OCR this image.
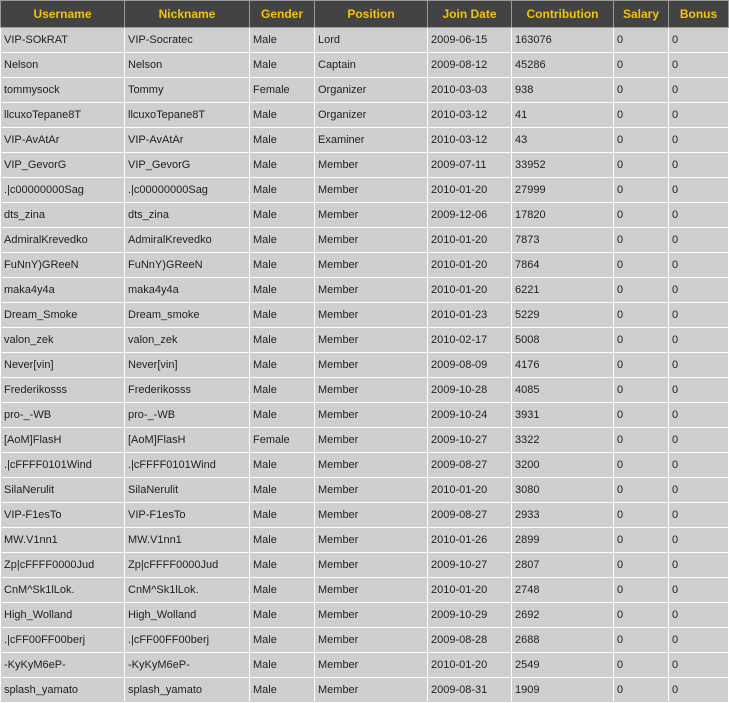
Username	Nickname	Gender	Position	Join Date	Contribution	Salary	Bonus
VIP-SOkRAT	VIP-Socratec	Male	Lord	2009-06-15	163076	0	0
Nelson	Nelson	Male	Captain	2009-08-12	45286	0	0
tommysock	Tommy	Female	Organizer	2010-03-03	938	0	0
llcuxoTepane8T	llcuxoTepane8T	Male	Organizer	2010-03-12	41	0	0
VIP-AvAtAr	VIP-AvAtAr	Male	Examiner	2010-03-12	43	0	0
VIP_GevorG	VIP_GevorG	Male	Member	2009-07-11	33952	0	0
.|c00000000Sag	.|c00000000Sag	Male	Member	2010-01-20	27999	0	0
dts_zina	dts_zina	Male	Member	2009-12-06	17820	0	0
AdmiralKrevedko	AdmiralKrevedko	Male	Member	2010-01-20	7873	0	0
FuNnY)GReeN	FuNnY)GReeN	Male	Member	2010-01-20	7864	0	0
maka4y4a	maka4y4a	Male	Member	2010-01-20	6221	0	0
Dream_Smoke	Dream_smoke	Male	Member	2010-01-23	5229	0	0
valon_zek	valon_zek	Male	Member	2010-02-17	5008	0	0
Never[vin]	Never[vin]	Male	Member	2009-08-09	4176	0	0
Frederikosss	Frederikosss	Male	Member	2009-10-28	4085	0	0
pro-_-WB	pro-_-WB	Male	Member	2009-10-24	3931	0	0
[AoM]FlasH	[AoM]FlasH	Female	Member	2009-10-27	3322	0	0
.|cFFFF0101Wind	.|cFFFF0101Wind	Male	Member	2009-08-27	3200	0	0
SilaNerulit	SilaNerulit	Male	Member	2010-01-20	3080	0	0
VIP-F1esTo	VIP-F1esTo	Male	Member	2009-08-27	2933	0	0
MW.V1nn1	MW.V1nn1	Male	Member	2010-01-26	2899	0	0
Zp|cFFFF0000Jud	Zp|cFFFF0000Jud	Male	Member	2009-10-27	2807	0	0
CnM^Sk1lLok.	CnM^Sk1lLok.	Male	Member	2010-01-20	2748	0	0
High_Wolland	High_Wolland	Male	Member	2009-10-29	2692	0	0
.|cFF00FF00berj	.|cFF00FF00berj	Male	Member	2009-08-28	2688	0	0
-KyKyM6eP-	-KyKyM6eP-	Male	Member	2010-01-20	2549	0	0
splash_yamato	splash_yamato	Male	Member	2009-08-31	1909	0	0
